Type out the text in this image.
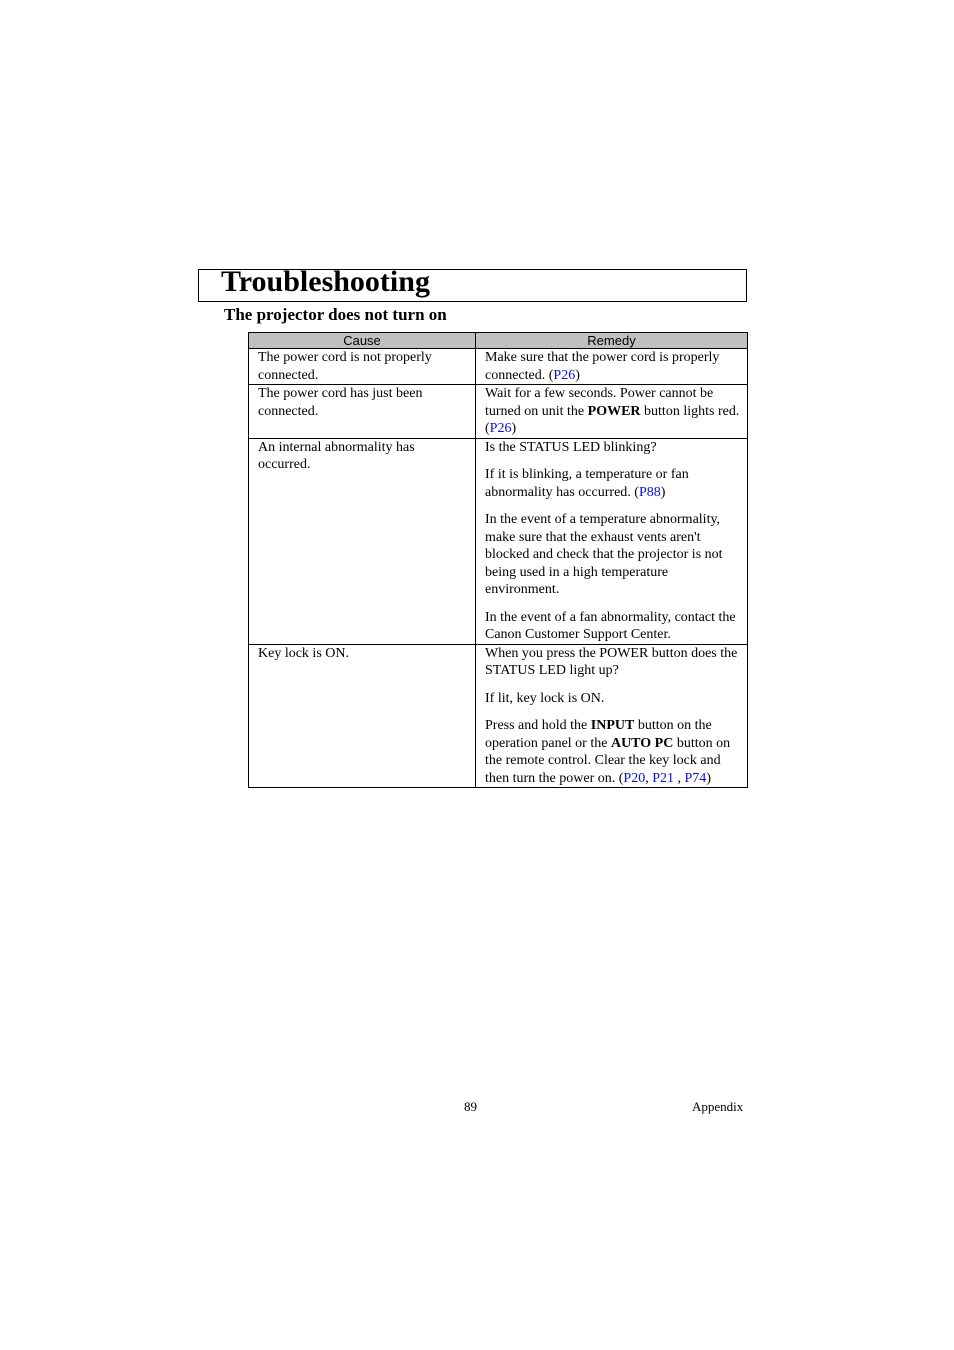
Troubleshooting
The projector does not turn on
Cause	Remedy

The power cord is not properly connected.	Make sure that the power cord is properly connected. (P26)

The power cord has just been connected.	Wait for a few seconds. Power cannot be turned on unit the POWER button lights red. (P26)

An internal abnormality has occurred.	Is the STATUS LED blinking?

If it is blinking, a temperature or fan abnormality has occurred. (P88)

In the event of a temperature abnormality, make sure that the exhaust vents aren't blocked and check that the projector is not being used in a high temperature environment.

In the event of a fan abnormality, contact the Canon Customer Support Center.

Key lock is ON.	When you press the POWER button does the STATUS LED light up?

If lit, key lock is ON.

Press and hold the INPUT button on the operation panel or the AUTO PC button on the remote control. Clear the key lock and then turn the power on. (P20, P21 , P74)

89	Appendix
